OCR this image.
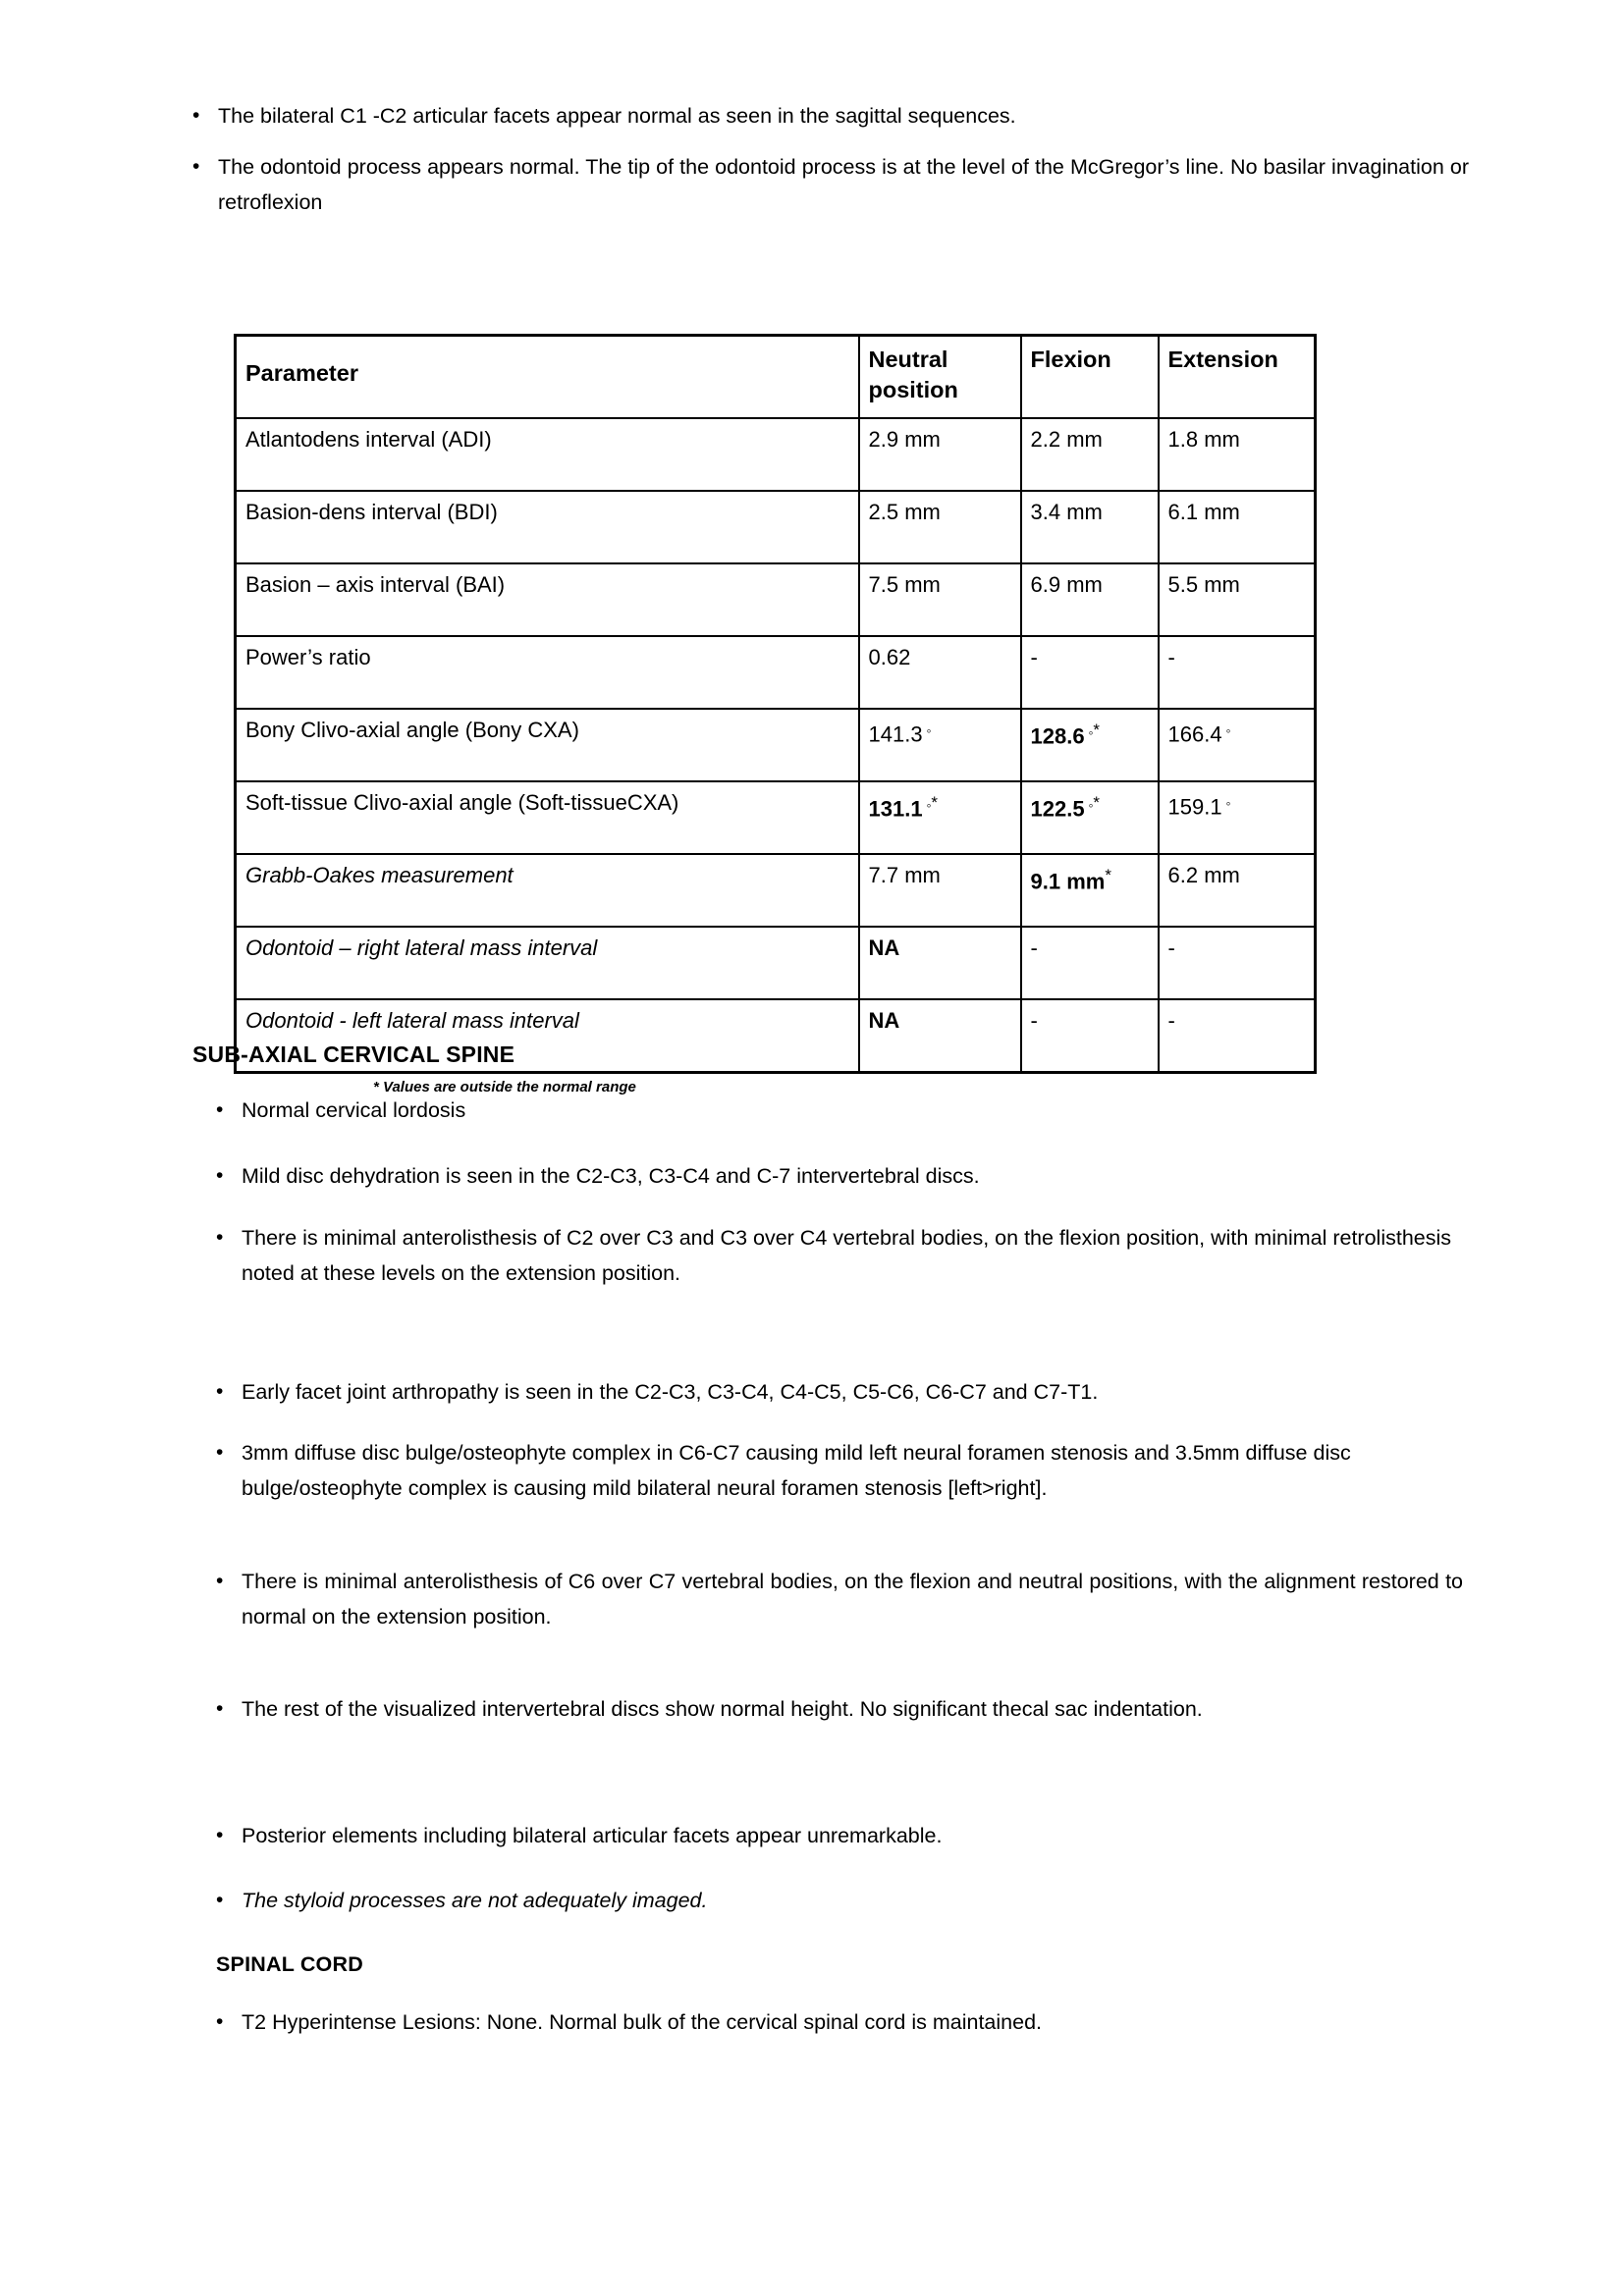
• The bilateral C1 -C2 articular facets appear normal as seen in the sagittal sequences.
• The odontoid process appears normal. The tip of the odontoid process is at the level of the McGregor’s line. No basilar invagination or retroflexion
Parameter	Neutral position	Flexion	Extension
Atlantodens interval (ADI)	2.9 mm	2.2 mm	1.8 mm
Basion-dens interval (BDI)	2.5 mm	3.4 mm	6.1 mm
Basion – axis interval (BAI)	7.5 mm	6.9 mm	5.5 mm
Power’s ratio	0.62	-	-
Bony Clivo-axial angle (Bony CXA)	141.3 ◦	128.6 ◦*	166.4 ◦
Soft-tissue Clivo-axial angle (Soft-tissueCXA)	131.1 ◦*	122.5 ◦*	159.1 ◦
Grabb-Oakes measurement	7.7 mm	9.1 mm*	6.2 mm
Odontoid – right lateral mass interval	NA	-	-
Odontoid - left lateral mass interval	NA	-	-
* Values are outside the normal range
SUB-AXIAL CERVICAL SPINE
• Normal cervical lordosis
• Mild disc dehydration is seen in the C2-C3, C3-C4 and C-7 intervertebral discs.
• There is minimal anterolisthesis of C2 over C3 and C3 over C4 vertebral bodies, on the flexion position, with minimal retrolisthesis noted at these levels on the extension position.
• Early facet joint arthropathy is seen in the C2-C3, C3-C4, C4-C5, C5-C6, C6-C7 and C7-T1.
• 3mm diffuse disc bulge/osteophyte complex in C6-C7 causing mild left neural foramen stenosis and 3.5mm diffuse disc bulge/osteophyte complex is causing mild bilateral neural foramen stenosis [left>right].
• There is minimal anterolisthesis of C6 over C7 vertebral bodies, on the flexion and neutral positions, with the alignment restored to normal on the extension position.
• The rest of the visualized intervertebral discs show normal height. No significant thecal sac indentation.
• Posterior elements including bilateral articular facets appear unremarkable.
• The styloid processes are not adequately imaged.
SPINAL CORD
• T2 Hyperintense Lesions: None. Normal bulk of the cervical spinal cord is maintained.
